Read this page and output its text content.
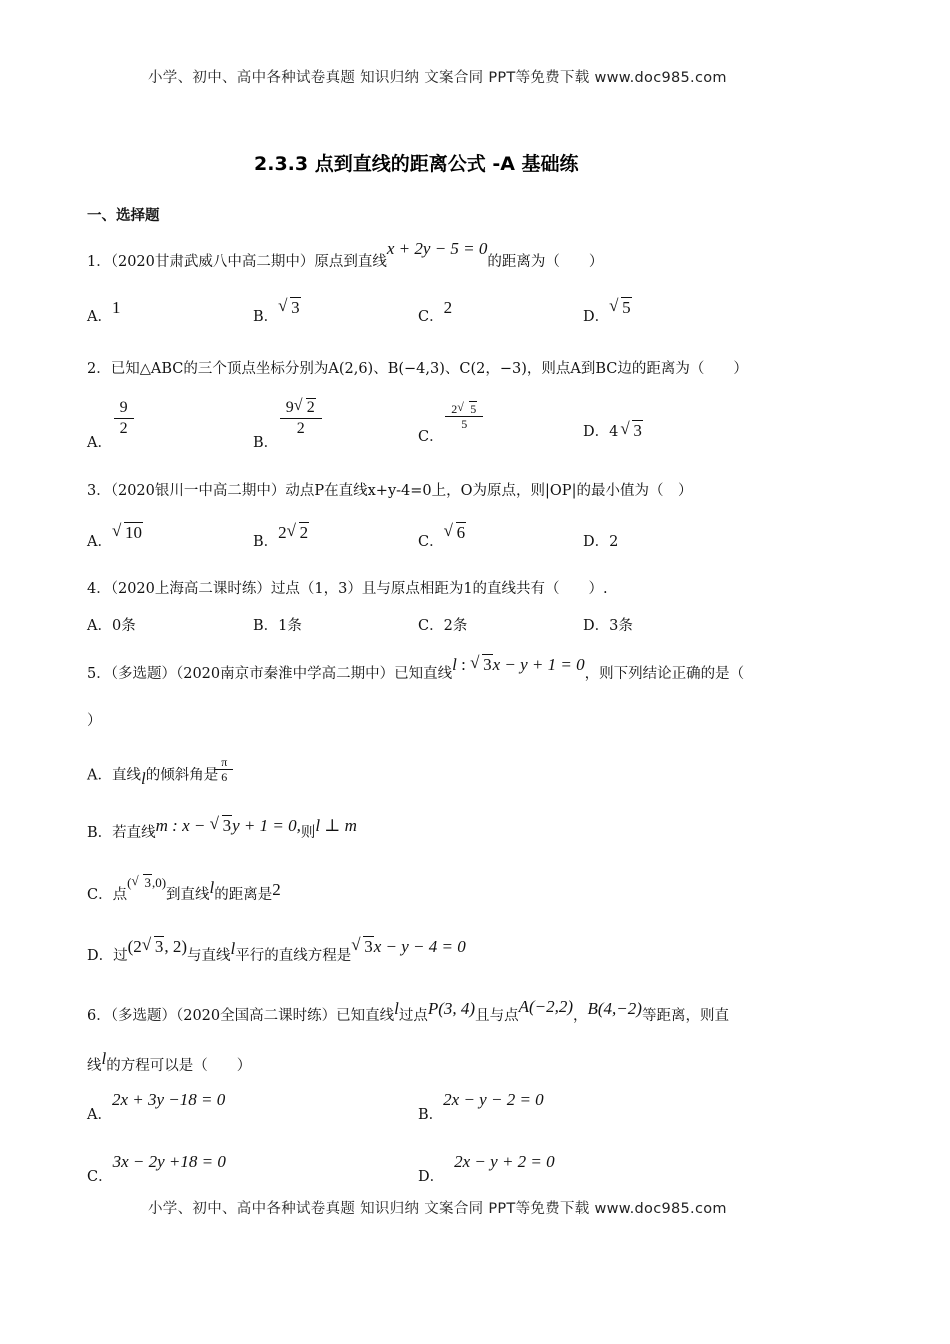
小学、初中、高中各种试卷真题 知识归纳 文案合同 PPT等免费下载 www.doc985.com
2.3.3 点到直线的距离公式 -A 基础练
一、选择题
1．（2020甘肃武威八中高二期中）原点到直线x + 2y − 5 = 0的距离为（　　）
A．1	B． √ 3	C．2	D． √ 5
2．已知△ABC的三个顶点坐标分别为A(2,6)、B(−4,3)、C(2，−3)，则点A到BC边的距离为（　　）
A．
$\frac{9}{2}$
B．
$\frac{9 √ 2}{2}$	C．
$\frac{2 √ 5}{5}$
D．4 √ 3
3．（2020银川一中高二期中）动点P在直线x+y-4=0上，O为原点，则|OP|的最小值为（　）
A． √ 10	B．2 √ 2	C． √ 6	D．2
4．（2020上海高二课时练）过点（1，3）且与原点相距为1的直线共有（　　）.
A．0条	B．1条	C．2条	D．3条
5．（多选题）（2020南京市秦淮中学高二期中）已知直线l : √ 3x − y + 1 = 0，则下列结论正确的是（
）
A．直线l的倾斜角是 $\frac{\pi}{6}$
B．若直线m : x − √ 3y + 1 = 0,则l ⊥ m
C．点( √ 3,0)到直线l的距离是2
D．过(2 √ 3, 2)与直线l平行的直线方程是 √ 3x − y − 4 = 0
6．（多选题）（2020全国高二课时练）已知直线l过点P(3, 4)且与点A(−2,2)，B(4,−2)等距离，则直
线l的方程可以是（　　）
A．2x + 3y −18 = 0
B．2x − y − 2 = 0
C．3x − 2y +18 = 0
D．2x − y + 2 = 0
小学、初中、高中各种试卷真题 知识归纳 文案合同 PPT等免费下载 www.doc985.com
